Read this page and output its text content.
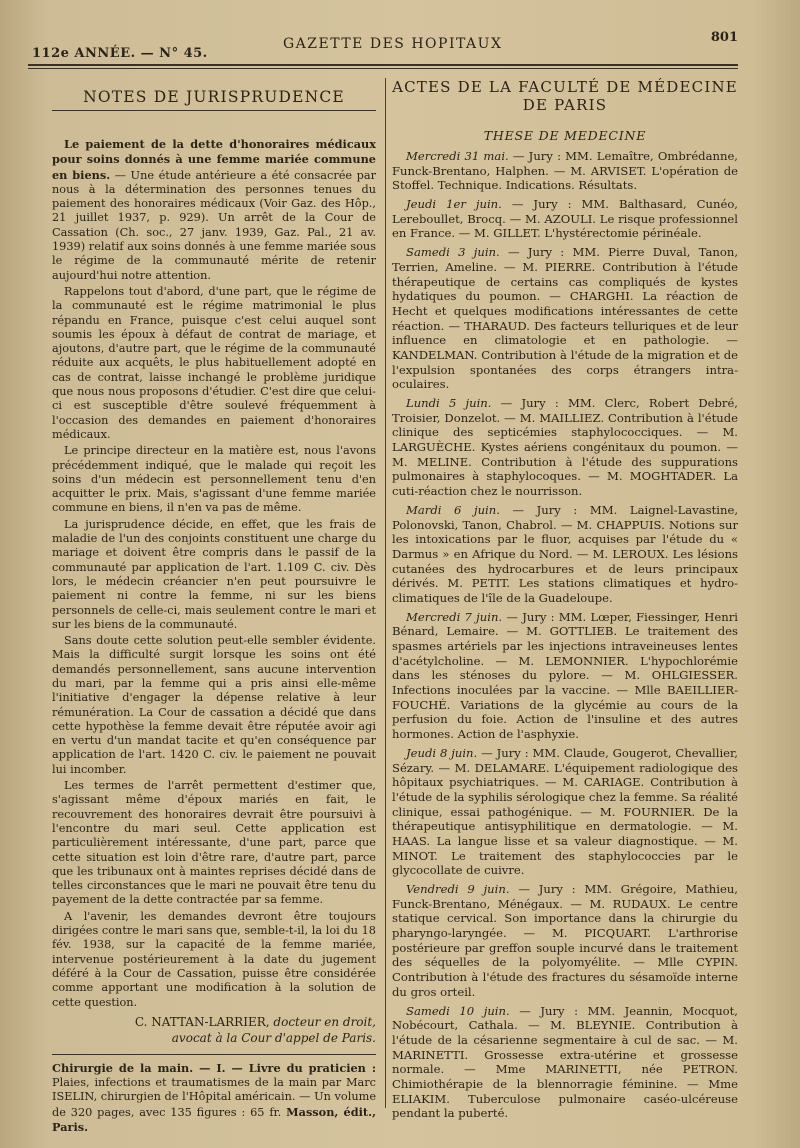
112e ANNÉE. — N° 45.
GAZETTE DES HOPITAUX	801
NOTES DE JURISPRUDENCE

Le paiement de la dette d'honoraires médicaux pour soins donnés à une femme mariée commune en biens. — Une étude antérieure a été consacrée par nous à la détermination des personnes tenues du paiement des honoraires médicaux (Voir Gaz. des Hôp., 21 juillet 1937, p. 929). Un arrêt de la Cour de Cassation (Ch. soc., 27 janv. 1939, Gaz. Pal., 21 av. 1939) relatif aux soins donnés à une femme mariée sous le régime de la communauté mérite de retenir aujourd'hui notre attention.

Rappelons tout d'abord, d'une part, que le régime de la communauté est le régime matrimonial le plus répandu en France, puisque c'est celui auquel sont soumis les époux à défaut de contrat de mariage, et ajoutons, d'autre part, que le régime de la communauté réduite aux acquêts, le plus habituellement adopté en cas de contrat, laisse inchangé le problème juridique que nous nous proposons d'étudier. C'est dire que celui-ci est susceptible d'être soulevé fréquemment à l'occasion des demandes en paiement d'honoraires médicaux.

Le principe directeur en la matière est, nous l'avons précédemment indiqué, que le malade qui reçoit les soins d'un médecin est personnellement tenu d'en acquitter le prix. Mais, s'agissant d'une femme mariée commune en biens, il n'en va pas de même.

La jurisprudence décide, en effet, que les frais de maladie de l'un des conjoints constituent une charge du mariage et doivent être compris dans le passif de la communauté par application de l'art. 1.109 C. civ. Dès lors, le médecin créancier n'en peut poursuivre le paiement ni contre la femme, ni sur les biens personnels de celle-ci, mais seulement contre le mari et sur les biens de la communauté.

Sans doute cette solution peut-elle sembler évidente. Mais la difficulté surgit lorsque les soins ont été demandés personnellement, sans aucune intervention du mari, par la femme qui a pris ainsi elle-même l'initiative d'engager la dépense relative à leur rémunération. La Cour de cassation a décidé que dans cette hypothèse la femme devait être réputée avoir agi en vertu d'un mandat tacite et qu'en conséquence par application de l'art. 1420 C. civ. le paiement ne pouvait lui incomber.

Les termes de l'arrêt permettent d'estimer que, s'agissant même d'époux mariés en fait, le recouvrement des honoraires devrait être poursuivi à l'encontre du mari seul. Cette application est particulièrement intéressante, d'une part, parce que cette situation est loin d'être rare, d'autre part, parce que les tribunaux ont à maintes reprises décidé dans de telles circonstances que le mari ne pouvait être tenu du payement de la dette contractée par sa femme.

A l'avenir, les demandes devront être toujours dirigées contre le mari sans que, semble-t-il, la loi du 18 fév. 1938, sur la capacité de la femme mariée, intervenue postérieurement à la date du jugement déféré à la Cour de Cassation, puisse être considérée comme apportant une modification à la solution de cette question.

C. NATTAN-LARRIER, docteur en droit,
avocat à la Cour d'appel de Paris.

Chirurgie de la main. — I. — Livre du praticien : Plaies, infections et traumatismes de la main par Marc ISELIN, chirurgien de l'Hôpital américain. — Un volume de 320 pages, avec 135 figures : 65 fr. Masson, édit., Paris.

ACTES DE LA FACULTÉ DE MÉDECINE DE PARIS
THESE DE MEDECINE

Mercredi 31 mai. — Jury : MM. Lemaître, Ombrédanne, Funck-Brentano, Halphen. — M. ARVISET. L'opération de Stoffel. Technique. Indications. Résultats.

Jeudi 1er juin. — Jury : MM. Balthasard, Cunéo, Lereboullet, Brocq. — M. AZOULI. Le risque professionnel en France. — M. GILLET. L'hystérectomie périnéale.

Samedi 3 juin. — Jury : MM. Pierre Duval, Tanon, Terrien, Ameline. — M. PIERRE. Contribution à l'étude thérapeutique de certains cas compliqués de kystes hydatiques du poumon. — CHARGHI. La réaction de Hecht et quelques modifications intéressantes de cette réaction. — THARAUD. Des facteurs telluriques et de leur influence en climatologie et en pathologie. — KANDELMAN. Contribution à l'étude de la migration et de l'expulsion spontanées des corps étrangers intra-oculaires.

Lundi 5 juin. — Jury : MM. Clerc, Robert Debré, Troisier, Donzelot. — M. MAILLIEZ. Contribution à l'étude clinique des septicémies staphylococciques. — M. LARGUÈCHE. Kystes aériens congénitaux du poumon. — M. MELINE. Contribution à l'étude des suppurations pulmonaires à staphylocoques. — M. MOGHTADER. La cuti-réaction chez le nourrisson.

Mardi 6 juin. — Jury : MM. Laignel-Lavastine, Polonovski, Tanon, Chabrol. — M. CHAPPUIS. Notions sur les intoxications par le fluor, acquises par l'étude du « Darmus » en Afrique du Nord. — M. LEROUX. Les lésions cutanées des hydrocarbures et de leurs principaux dérivés. M. PETIT. Les stations climatiques et hydro-climatiques de l'île de la Guadeloupe.

Mercredi 7 juin. — Jury : MM. Lœper, Fiessinger, Henri Bénard, Lemaire. — M. GOTTLIEB. Le traitement des spasmes artériels par les injections intraveineuses lentes d'acétylcholine. — M. LEMONNIER. L'hypochlorémie dans les sténoses du pylore. — M. OHLGIESSER. Infections inoculées par la vaccine. — Mlle BAEILLIER-FOUCHÉ. Variations de la glycémie au cours de la perfusion du foie. Action de l'insuline et des autres hormones. Action de l'asphyxie.

Jeudi 8 juin. — Jury : MM. Claude, Gougerot, Chevallier, Sézary. — M. DELAMARE. L'équipement radiologique des hôpitaux psychiatriques. — M. CARIAGE. Contribution à l'étude de la syphilis sérologique chez la femme. Sa réalité clinique, essai pathogénique. — M. FOURNIER. De la thérapeutique antisyphilitique en dermatologie. — M. HAAS. La langue lisse et sa valeur diagnostique. — M. MINOT. Le traitement des staphylococcies par le glycocollate de cuivre.

Vendredi 9 juin. — Jury : MM. Grégoire, Mathieu, Funck-Brentano, Ménégaux. — M. RUDAUX. Le centre statique cervical. Son importance dans la chirurgie du pharyngo-laryngée. — M. PICQUART. L'arthrorise postérieure par greffon souple incurvé dans le traitement des séquelles de la polyomyélite. — Mlle CYPIN. Contribution à l'étude des fractures du sésamoïde interne du gros orteil.

Samedi 10 juin. — Jury : MM. Jeannin, Mocquot, Nobécourt, Cathala. — M. BLEYNIE. Contribution à l'étude de la césarienne segmentaire à cul de sac. — M. MARINETTI. Grossesse extra-utérine et grossesse normale. — Mme MARINETTI, née PETRON. Chimiothérapie de la blennorragie féminine. — Mme ELIAKIM. Tuberculose pulmonaire caséo-ulcéreuse pendant la puberté.
